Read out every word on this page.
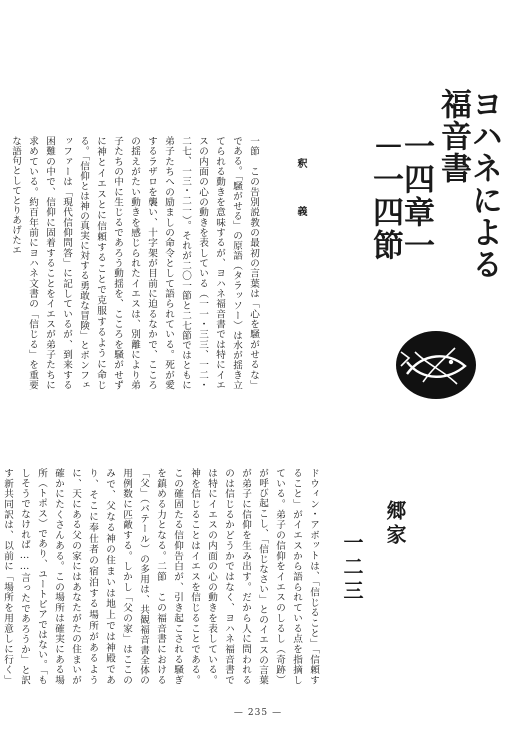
ヨハネによる福音書
一四章一－一四節
郷家
一二三
釈　義
ドウィン・アボットは、「信じること」「信頼すること」がイエスから語られている点を指摘している。弟子の信仰をイエスのしるし（奇跡）が呼び起こし、「信じなさい」とのイエスの言葉が弟子に信仰を生み出す。だから人に問われるのは信じるかどうかではなく、ヨハネ福音書では特にイエスの内面の心の動きを表している。神を信じることはイエスを信じることである。この確固たる信仰告白が、引き起こされる騒ぎを鎮める力となる。二節　この福音書における「父」（パテール）の多用は、共観福音書全体の用例数に匹敵する。しかし「父の家」はここのみで、父なる神の住まいは地上では神殿であり、そこに奉仕者の宿泊する場所があるように、天にある父の家にはあなたがたの住まいが確かにたくさんある。この場所は確実にある場所（トポス）であり、ユートピアではない。「もしそうでなければ……言ったであろうか」と訳す新共同訳は、以前に「場所を用意しに行く」
一節　この告別説教の最初の言葉は「心を騒がせるな」である。「騒がせる」の原語（タラッソー）は水が揺き立てられる動きを意味するが、ヨハネ福音書では特にイエスの内面の心の動きを表している（一一・三三、一二・二七、一三・二一）。それが二〇一節と二七節ではともに弟子たちへの励ましの命令として語られている。死が愛するラザロを襲い、十字架が目前に迫るなかで、こころの揺えがたい動きを感じられたイエスは、別離により弟子たちの中に生じるであろう動揺を、こころを騒がせずに神とイエスとに信頼することで克服するように命じる。「信仰とは神の真実に対する勇敢な冒険」とボンフェッファーは「現代信仰問答」に記しているが、到来する困難の中で、信仰に固着することをイエスが弟子たちに求めている。約百年前にヨハネ文書の「信じる」を重要な語句としてとりあげたエ
— 235 —
